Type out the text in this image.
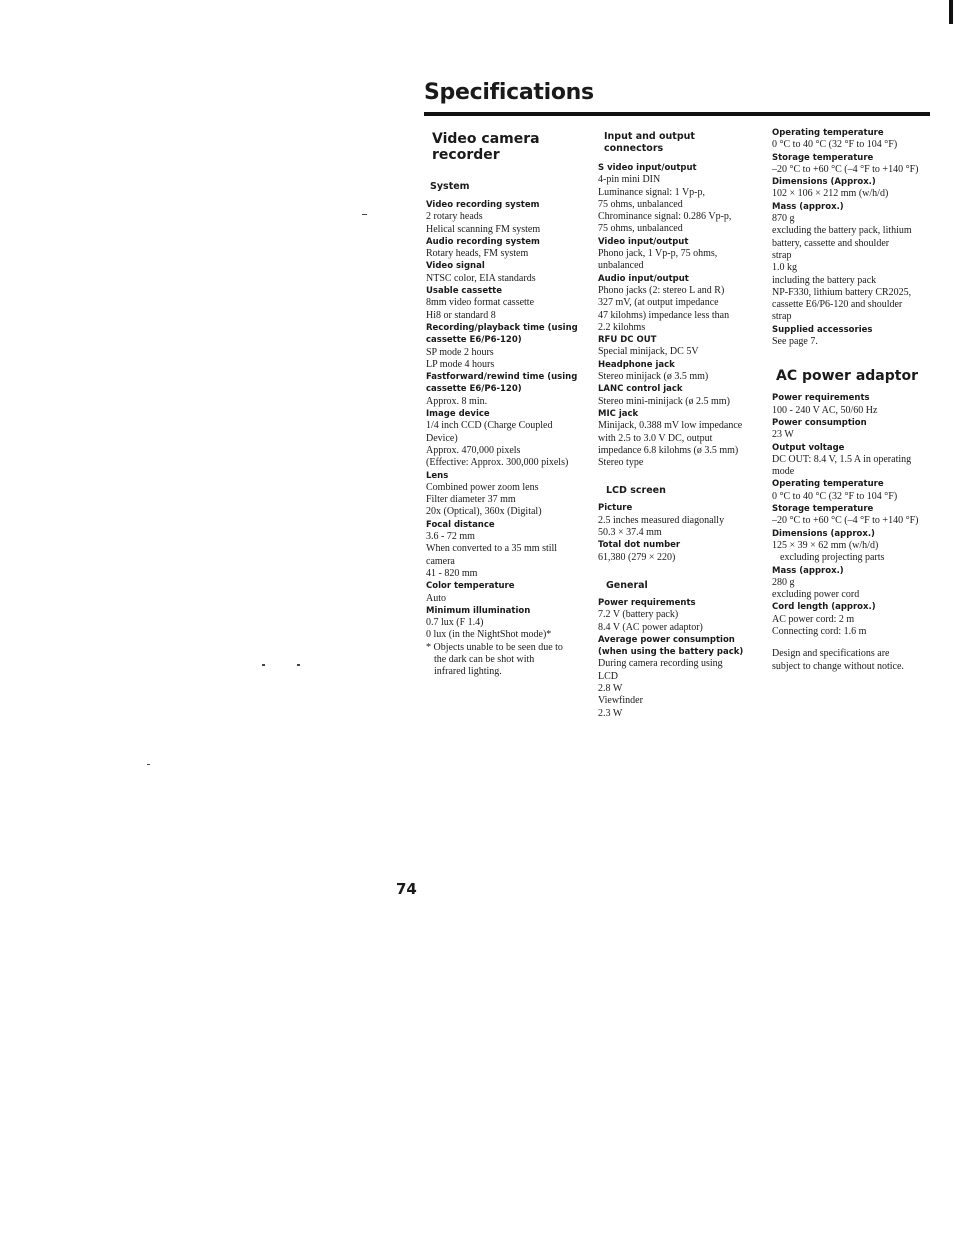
Specifications
Video camera recorder
System
Video recording system
2 rotary heads
Helical scanning FM system
Audio recording system
Rotary heads, FM system
Video signal
NTSC color, EIA standards
Usable cassette
8mm video format cassette
Hi8 or standard 8
Recording/playback time (using
cassette E6/P6-120)
SP mode 2 hours
LP mode 4 hours
Fastforward/rewind time (using
cassette E6/P6-120)
Approx. 8 min.
Image device
1/4 inch CCD (Charge Coupled
Device)
Approx. 470,000 pixels
(Effective: Approx. 300,000 pixels)
Lens
Combined power zoom lens
Filter diameter 37 mm
20x (Optical), 360x (Digital)
Focal distance
3.6 - 72 mm
When converted to a 35 mm still
camera
41 - 820 mm
Color temperature
Auto
Minimum illumination
0.7 lux (F 1.4)
0 lux (in the NightShot mode)*
* Objects unable to be seen due to
the dark can be shot with
infrared lighting.
Input and output connectors
S video input/output
4-pin mini DIN
Luminance signal: 1 Vp-p,
75 ohms, unbalanced
Chrominance signal: 0.286 Vp-p,
75 ohms, unbalanced
Video input/output
Phono jack, 1 Vp-p, 75 ohms,
unbalanced
Audio input/output
Phono jacks (2: stereo L and R)
327 mV, (at output impedance
47 kilohms) impedance less than
2.2 kilohms
RFU DC OUT
Special minijack, DC 5V
Headphone jack
Stereo minijack (ø 3.5 mm)
LANC control jack
Stereo mini-minijack (ø 2.5 mm)
MIC jack
Minijack, 0.388 mV low impedance
with 2.5 to 3.0 V DC, output
impedance 6.8 kilohms (ø 3.5 mm)
Stereo type
LCD screen
Picture
2.5 inches measured diagonally
50.3 × 37.4 mm
Total dot number
61,380 (279 × 220)
General
Power requirements
7.2 V (battery pack)
8.4 V (AC power adaptor)
Average power consumption
(when using the battery pack)
During camera recording using
LCD
2.8 W
Viewfinder
2.3 W
Operating temperature
0 °C to 40 °C (32 °F to 104 °F)
Storage temperature
–20 °C to +60 °C (–4 °F to +140 °F)
Dimensions (Approx.)
102 × 106 × 212 mm (w/h/d)
Mass (approx.)
870 g
excluding the battery pack, lithium
battery, cassette and shoulder
strap
1.0 kg
including the battery pack
NP-F330, lithium battery CR2025,
cassette E6/P6-120 and shoulder
strap
Supplied accessories
See page 7.
AC power adaptor
Power requirements
100 - 240 V AC, 50/60 Hz
Power consumption
23 W
Output voltage
DC OUT: 8.4 V, 1.5 A in operating
mode
Operating temperature
0 °C to 40 °C (32 °F to 104 °F)
Storage temperature
–20 °C to +60 °C (–4 °F to +140 °F)
Dimensions (approx.)
125 × 39 × 62 mm (w/h/d)
excluding projecting parts
Mass (approx.)
280 g
excluding power cord
Cord length (approx.)
AC power cord: 2 m
Connecting cord: 1.6 m
Design and specifications are
subject to change without notice.
74
